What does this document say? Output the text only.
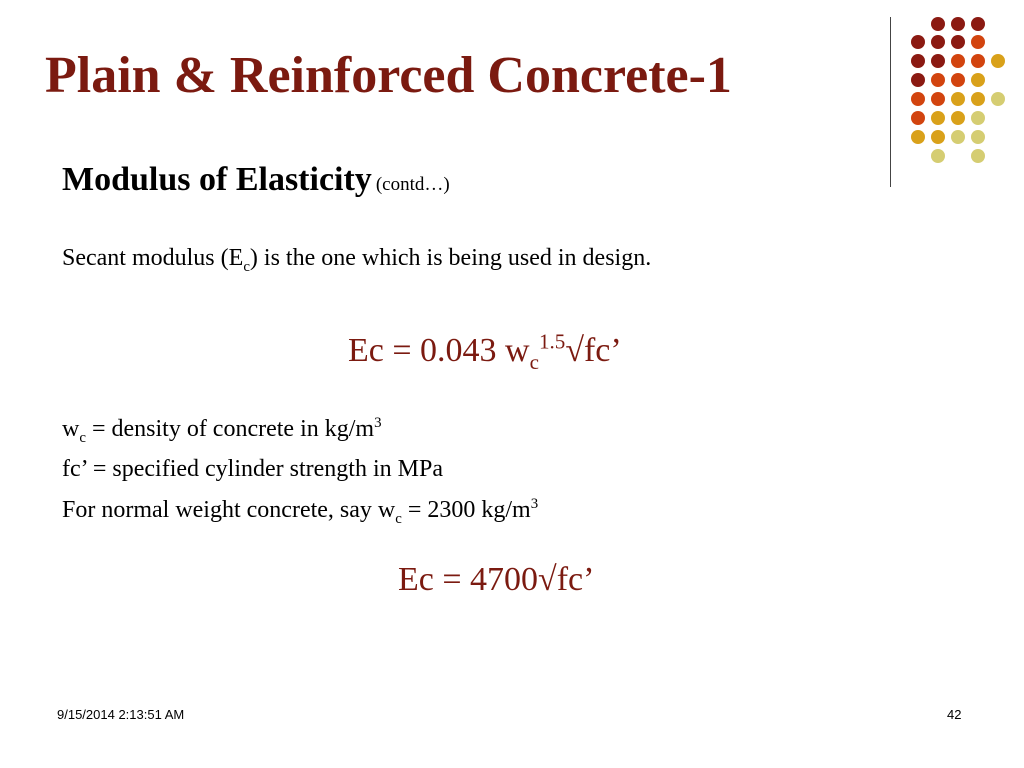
Plain & Reinforced Concrete-1
Modulus of Elasticity (contd…)
Secant modulus $(E_c)$ is the one which is being used in design.
Ec = 0.043 $w_c^{1.5}√fc$’
$w_c$ = density of concrete in $kg/m^3$
fc’ = specified cylinder strength in MPa
For normal weight concrete, say $w_c = 2300$ $kg/m^3$
Ec = 4700√fc’
9/15/2014 2:13:51 AM	42
